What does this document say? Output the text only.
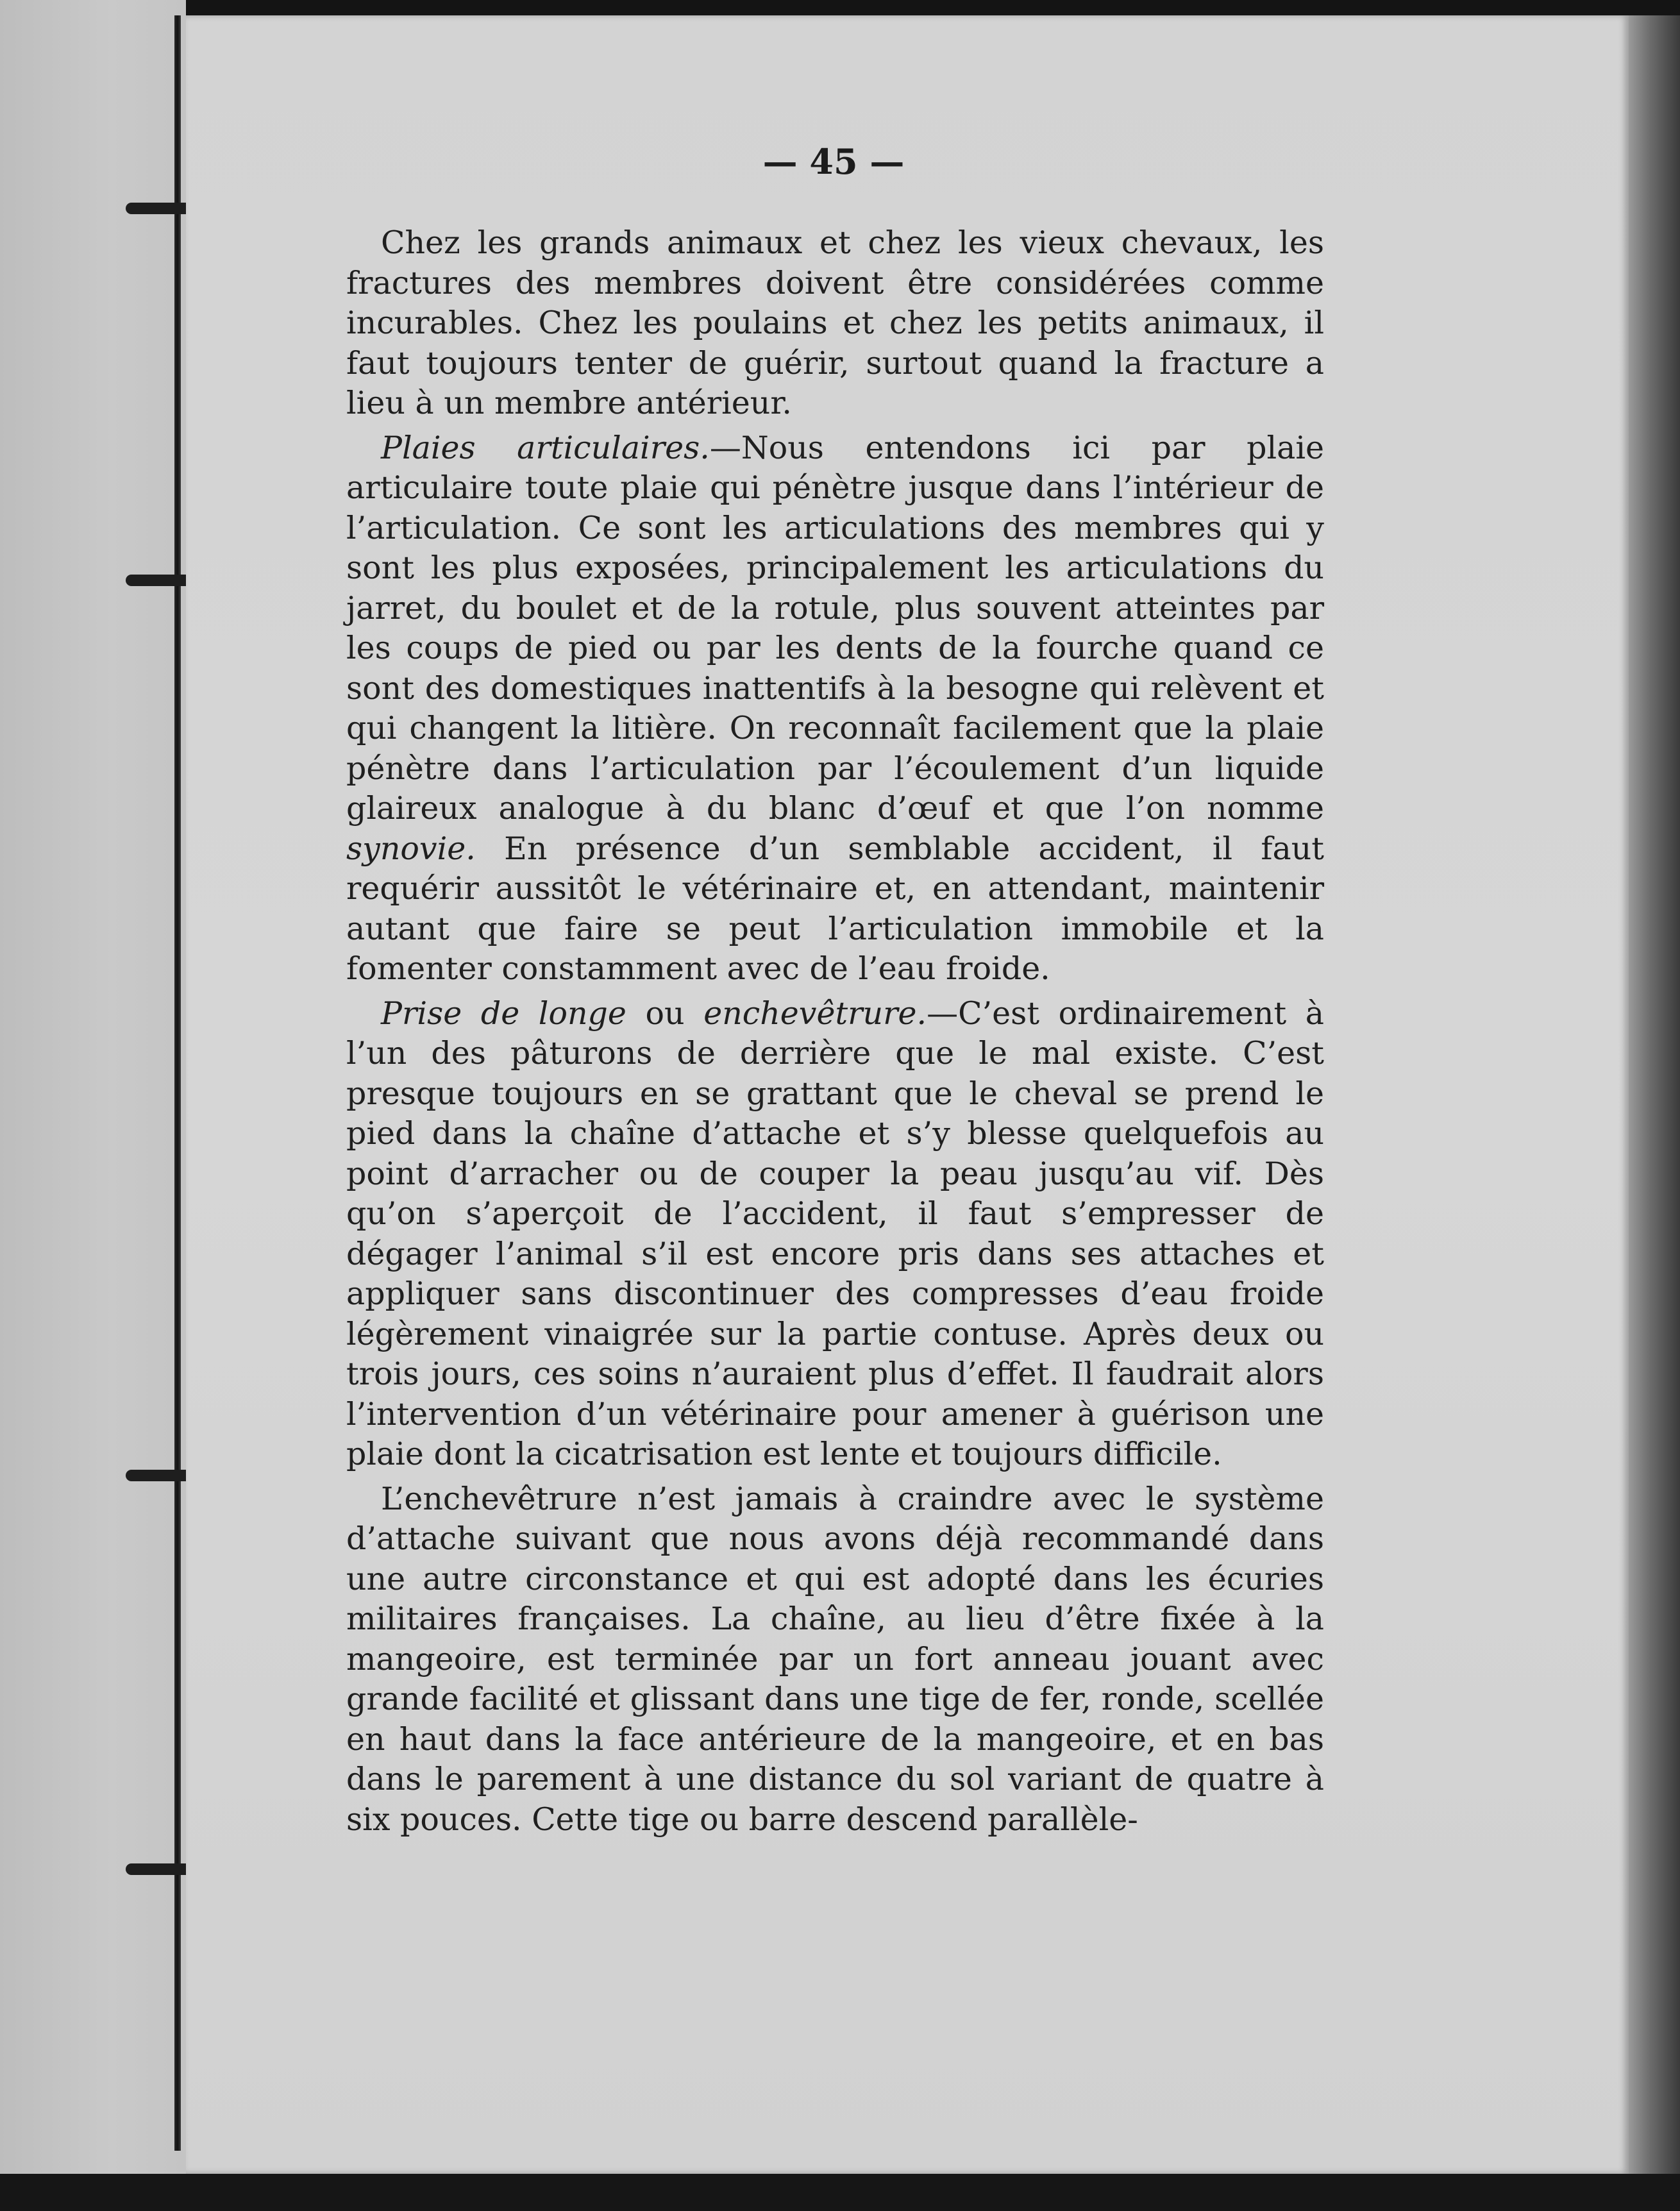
— 45 —

Chez les grands animaux et chez les vieux chevaux, les fractures des membres doivent être considérées comme incurables. Chez les poulains et chez les petits animaux, il faut toujours tenter de guérir, surtout quand la fracture a lieu à un membre antérieur.

Plaies articulaires.—Nous entendons ici par plaie articulaire toute plaie qui pénètre jusque dans l’intérieur de l’articulation. Ce sont les articulations des membres qui y sont les plus exposées, principalement les articulations du jarret, du boulet et de la rotule, plus souvent atteintes par les coups de pied ou par les dents de la fourche quand ce sont des domestiques inattentifs à la besogne qui relèvent et qui changent la litière. On reconnaît facilement que la plaie pénètre dans l’articulation par l’écoulement d’un liquide glaireux analogue à du blanc d’œuf et que l’on nomme synovie. En présence d’un semblable accident, il faut requérir aussitôt le vétérinaire et, en attendant, maintenir autant que faire se peut l’articulation immobile et la fomenter constamment avec de l’eau froide.

Prise de longe ou enchevêtrure.—C’est ordinairement à l’un des pâturons de derrière que le mal existe. C’est presque toujours en se grattant que le cheval se prend le pied dans la chaîne d’attache et s’y blesse quelquefois au point d’arracher ou de couper la peau jusqu’au vif. Dès qu’on s’aperçoit de l’accident, il faut s’empresser de dégager l’animal s’il est encore pris dans ses attaches et appliquer sans discontinuer des compresses d’eau froide légèrement vinaigrée sur la partie contuse. Après deux ou trois jours, ces soins n’auraient plus d’effet. Il faudrait alors l’intervention d’un vétérinaire pour amener à guérison une plaie dont la cicatrisation est lente et toujours difficile.

L’enchevêtrure n’est jamais à craindre avec le système d’attache suivant que nous avons déjà recommandé dans une autre circonstance et qui est adopté dans les écuries militaires françaises. La chaîne, au lieu d’être fixée à la mangeoire, est terminée par un fort anneau jouant avec grande facilité et glissant dans une tige de fer, ronde, scellée en haut dans la face antérieure de la mangeoire, et en bas dans le parement à une distance du sol variant de quatre à six pouces. Cette tige ou barre descend parallèle-
